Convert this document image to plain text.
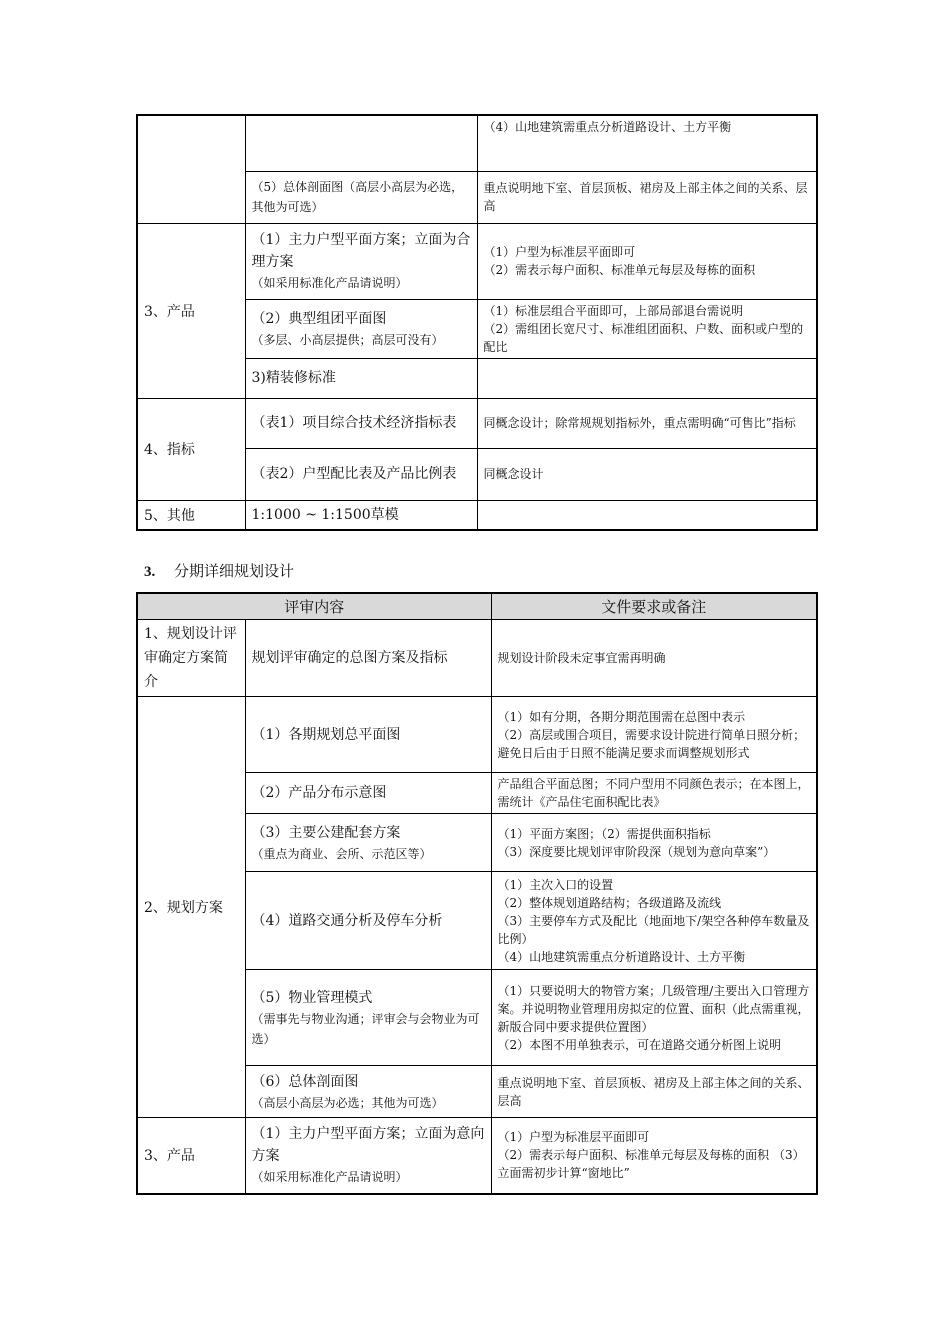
		（4）山地建筑需重点分析道路设计、土方平衡
	（5）总体剖面图（高层小高层为必选，其他为可选）	重点说明地下室、首层顶板、裙房及上部主体之间的关系、层高
3、产品	（1）主力户型平面方案；立面为合理方案
（如采用标准化产品请说明）	（1）户型为标准层平面即可
（2）需表示每户面积、标准单元每层及每栋的面积

	（2）典型组团平面图
（多层、小高层提供；高层可没有）	（1）标准层组合平面即可，上部局部退台需说明
（2）需组团长宽尺寸、标准组团面积、户数、面积或户型的配比

	3)精装修标准	
4、指标	（表1）项目综合技术经济指标表	同概念设计；除常规规划指标外，重点需明确“可售比”指标
	（表2）户型配比表及产品比例表	同概念设计
5、其他	1:1000 ~ 1:1500草模	
3. 分期详细规划设计
评审内容		文件要求或备注
1、规划设计评审确定方案简介	规划评审确定的总图方案及指标	规划设计阶段未定事宜需再明确
2、规划方案	（1）各期规划总平面图	（1）如有分期，各期分期范围需在总图中表示
（2）高层或围合项目，需要求设计院进行简单日照分析；避免日后由于日照不能满足要求而调整规划形式

	（2）产品分布示意图	产品组合平面总图；不同户型用不同颜色表示；在本图上，需统计《产品住宅面积配比表》

	（3）主要公建配套方案
（重点为商业、会所、示范区等）	（1）平面方案图；（2）需提供面积指标
（3）深度要比规划评审阶段深（规划为意向草案”）

	（4）道路交通分析及停车分析	（1）主次入口的设置
（2）整体规划道路结构；各级道路及流线
（3）主要停车方式及配比（地面地下/架空各种停车数量及比例）
（4）山地建筑需重点分析道路设计、土方平衡

	（5）物业管理模式
（需事先与物业沟通；评审会与会物业为可选）	（1）只要说明大的物管方案；几级管理/主要出入口管理方案。并说明物业管理用房拟定的位置、面积（此点需重视，新版合同中要求提供位置图）
（2）本图不用单独表示，可在道路交通分析图上说明

	（6）总体剖面图
（高层小高层为必选；其他为可选）	重点说明地下室、首层顶板、裙房及上部主体之间的关系、层高
3、产品	（1）主力户型平面方案；立面为意向方案
（如采用标准化产品请说明）	（1）户型为标准层平面即可
（2）需表示每户面积、标准单元每层及每栋的面积 （3）立面需初步计算“窗地比”
